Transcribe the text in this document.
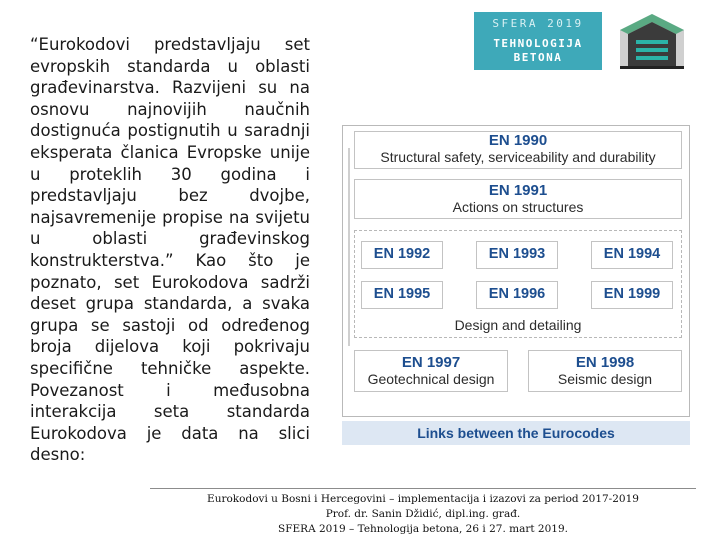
“Eurokodovi predstavljaju set evropskih standarda u oblasti građevinarstva. Razvijeni su na osnovu najnovijih naučnih dostignuća postignutih u saradnji eksperata članica Evropske unije u proteklih 30 godina i predstavljaju bez dvojbe, najsavremenije propise na svijetu u oblasti građevinskog konstrukterstva.” Kao što je poznato, set Eurokodova sadrži deset grupa standarda, a svaka grupa se sastoji od određenog broja dijelova koji pokrivaju specifične tehničke aspekte. Povezanost i međusobna interakcija seta standarda Eurokodova je data na slici desno:
SFERA 2019
TEHNOLOGIJA
BETONA
EN 1990
Structural safety, serviceability and durability
EN 1991
Actions on structures
EN 1992	EN 1993	EN 1994
EN 1995	EN 1996	EN 1999
Design and detailing
EN 1997
Geotechnical design
EN 1998
Seismic design
Links between the Eurocodes
Eurokodovi u Bosni i Hercegovini – implementacija i izazovi za period 2017-2019
Prof. dr. Sanin Džidić, dipl.ing. građ.
SFERA 2019 – Tehnologija betona, 26 i 27. mart 2019.
